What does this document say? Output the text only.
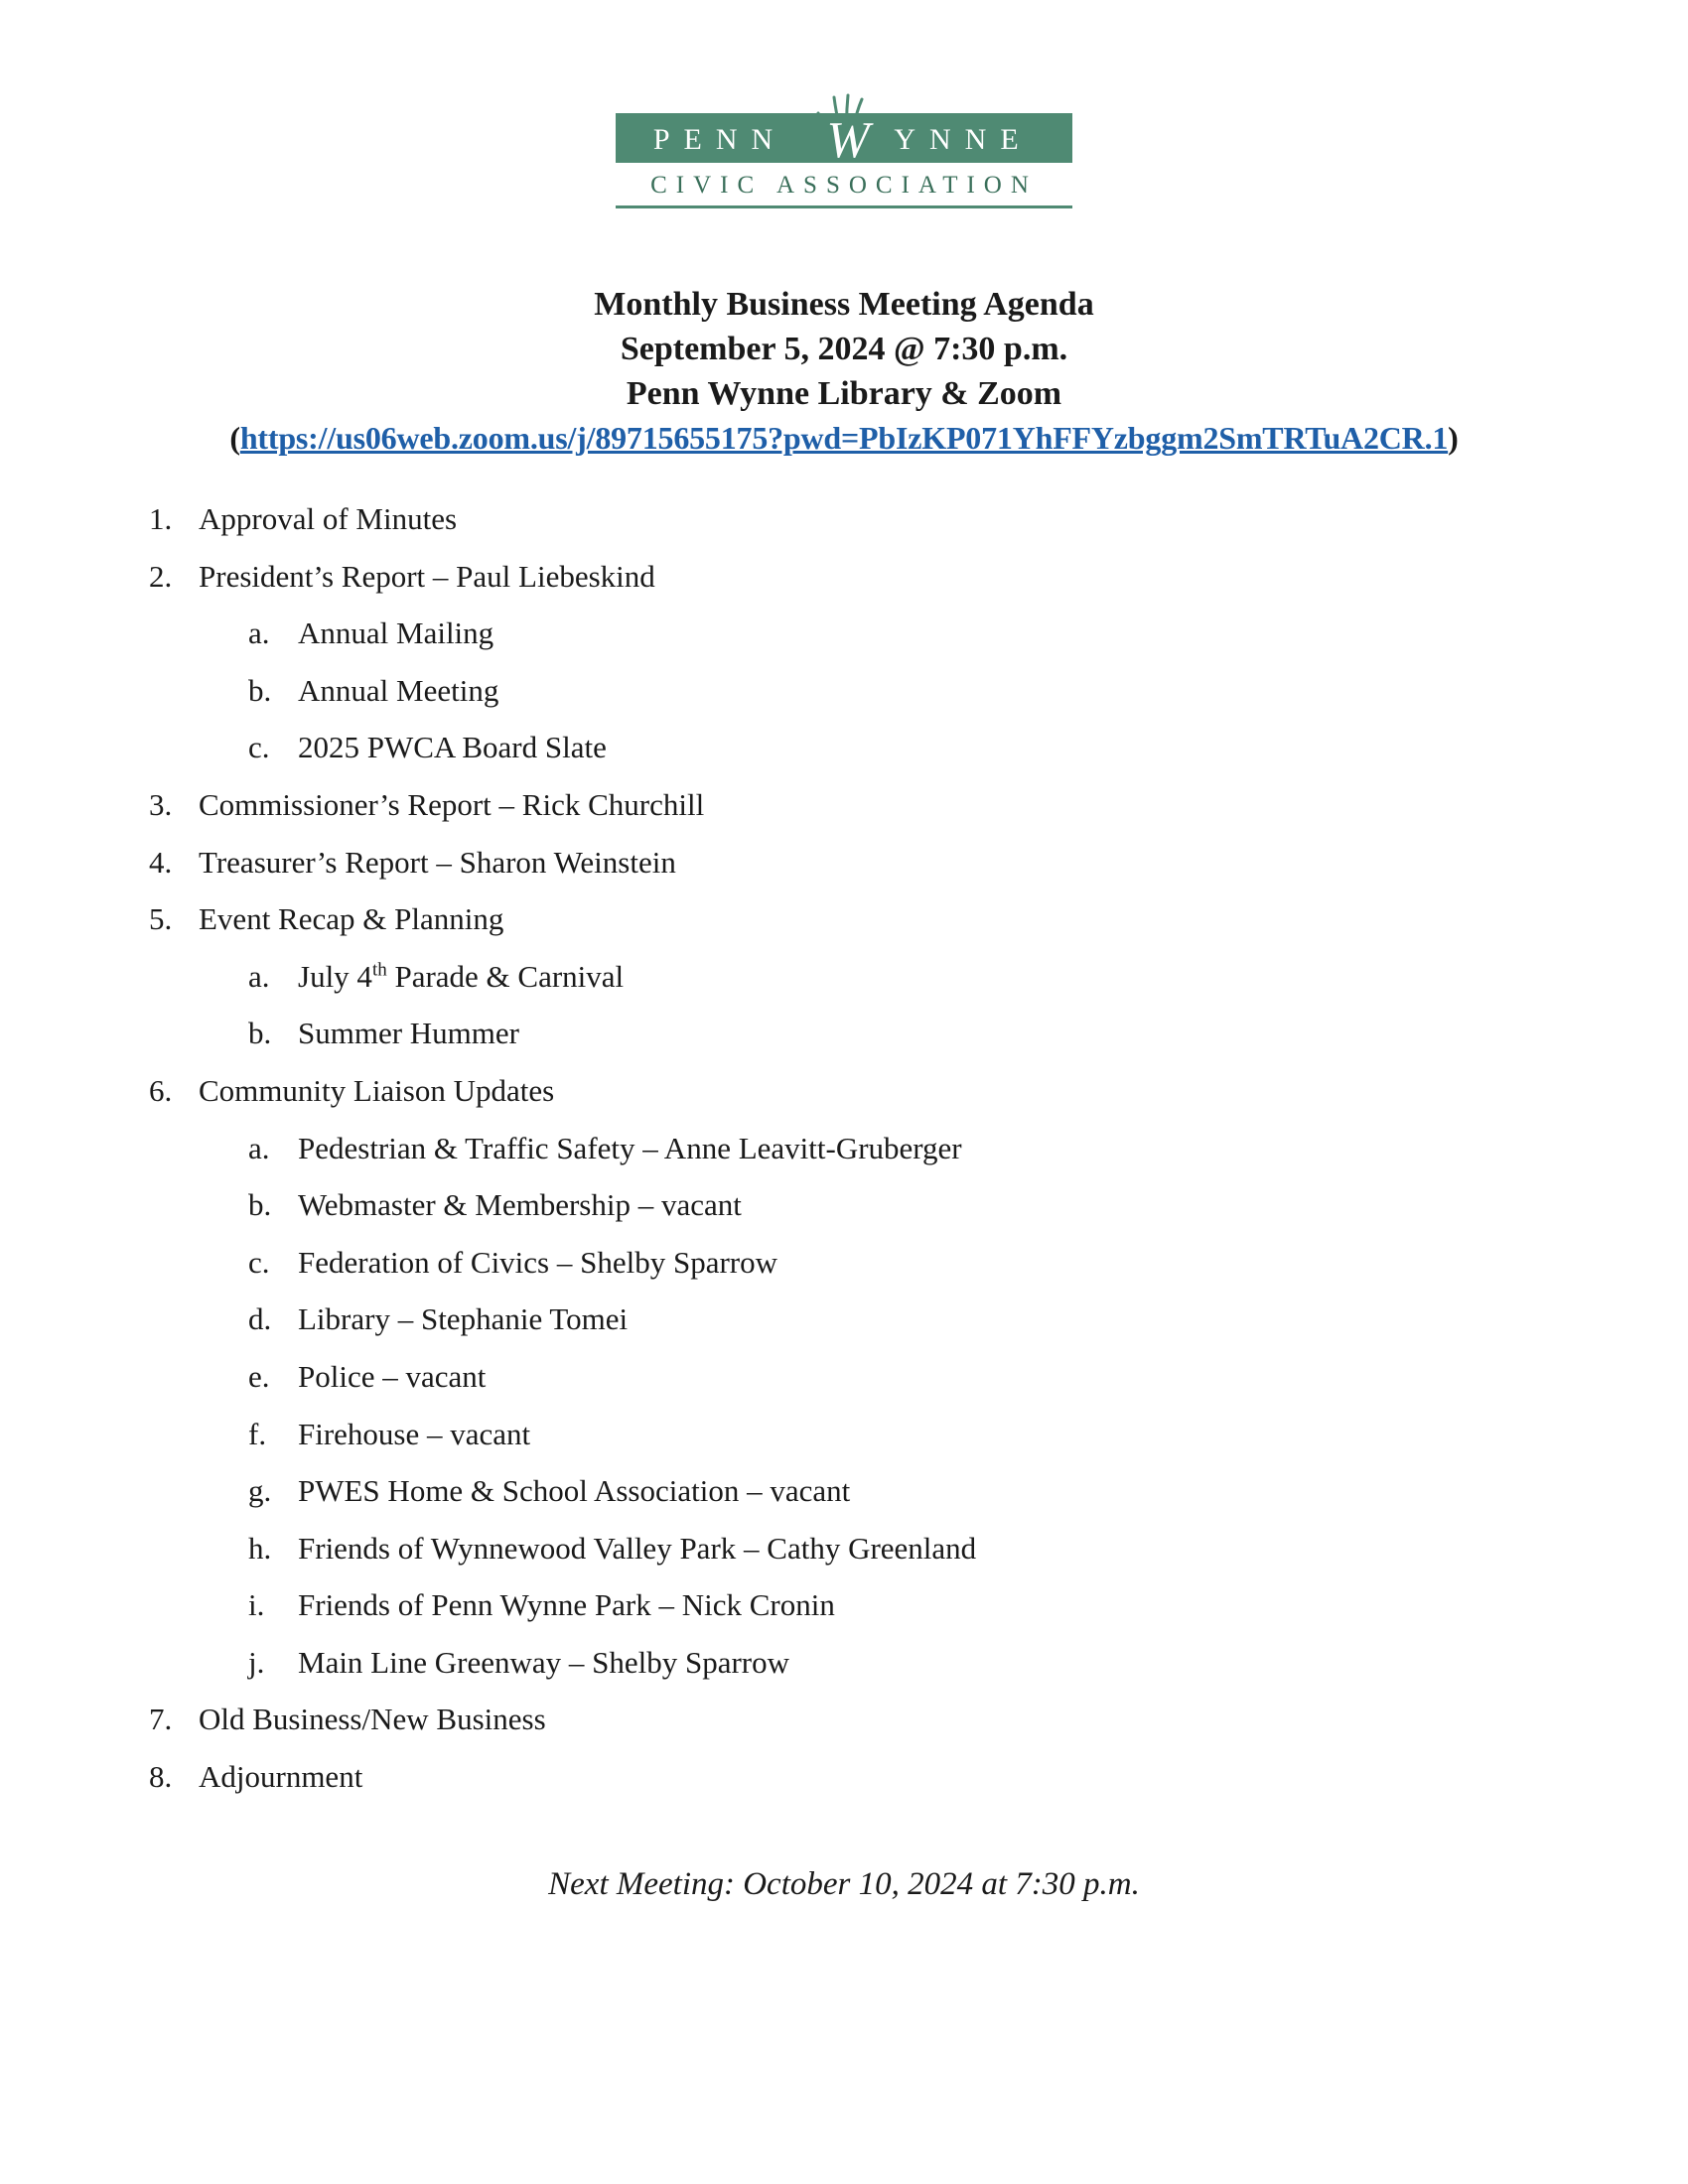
PENN W YNNE
CIVIC ASSOCIATION
Monthly Business Meeting Agenda
September 5, 2024 @ 7:30 p.m.
Penn Wynne Library & Zoom
(https://us06web.zoom.us/j/89715655175?pwd=PbIzKP071YhFFYzbggm2SmTRTuA2CR.1)
1. Approval of Minutes
2. President’s Report – Paul Liebeskind
a. Annual Mailing
b. Annual Meeting
c. 2025 PWCA Board Slate
3. Commissioner’s Report – Rick Churchill
4. Treasurer’s Report – Sharon Weinstein
5. Event Recap & Planning
a. July 4th Parade & Carnival
b. Summer Hummer
6. Community Liaison Updates
a. Pedestrian & Traffic Safety – Anne Leavitt-Gruberger
b. Webmaster & Membership – vacant
c. Federation of Civics – Shelby Sparrow
d. Library – Stephanie Tomei
e. Police – vacant
f. Firehouse – vacant
g. PWES Home & School Association – vacant
h. Friends of Wynnewood Valley Park – Cathy Greenland
i. Friends of Penn Wynne Park – Nick Cronin
j. Main Line Greenway – Shelby Sparrow
7. Old Business/New Business
8. Adjournment
Next Meeting: October 10, 2024 at 7:30 p.m.
